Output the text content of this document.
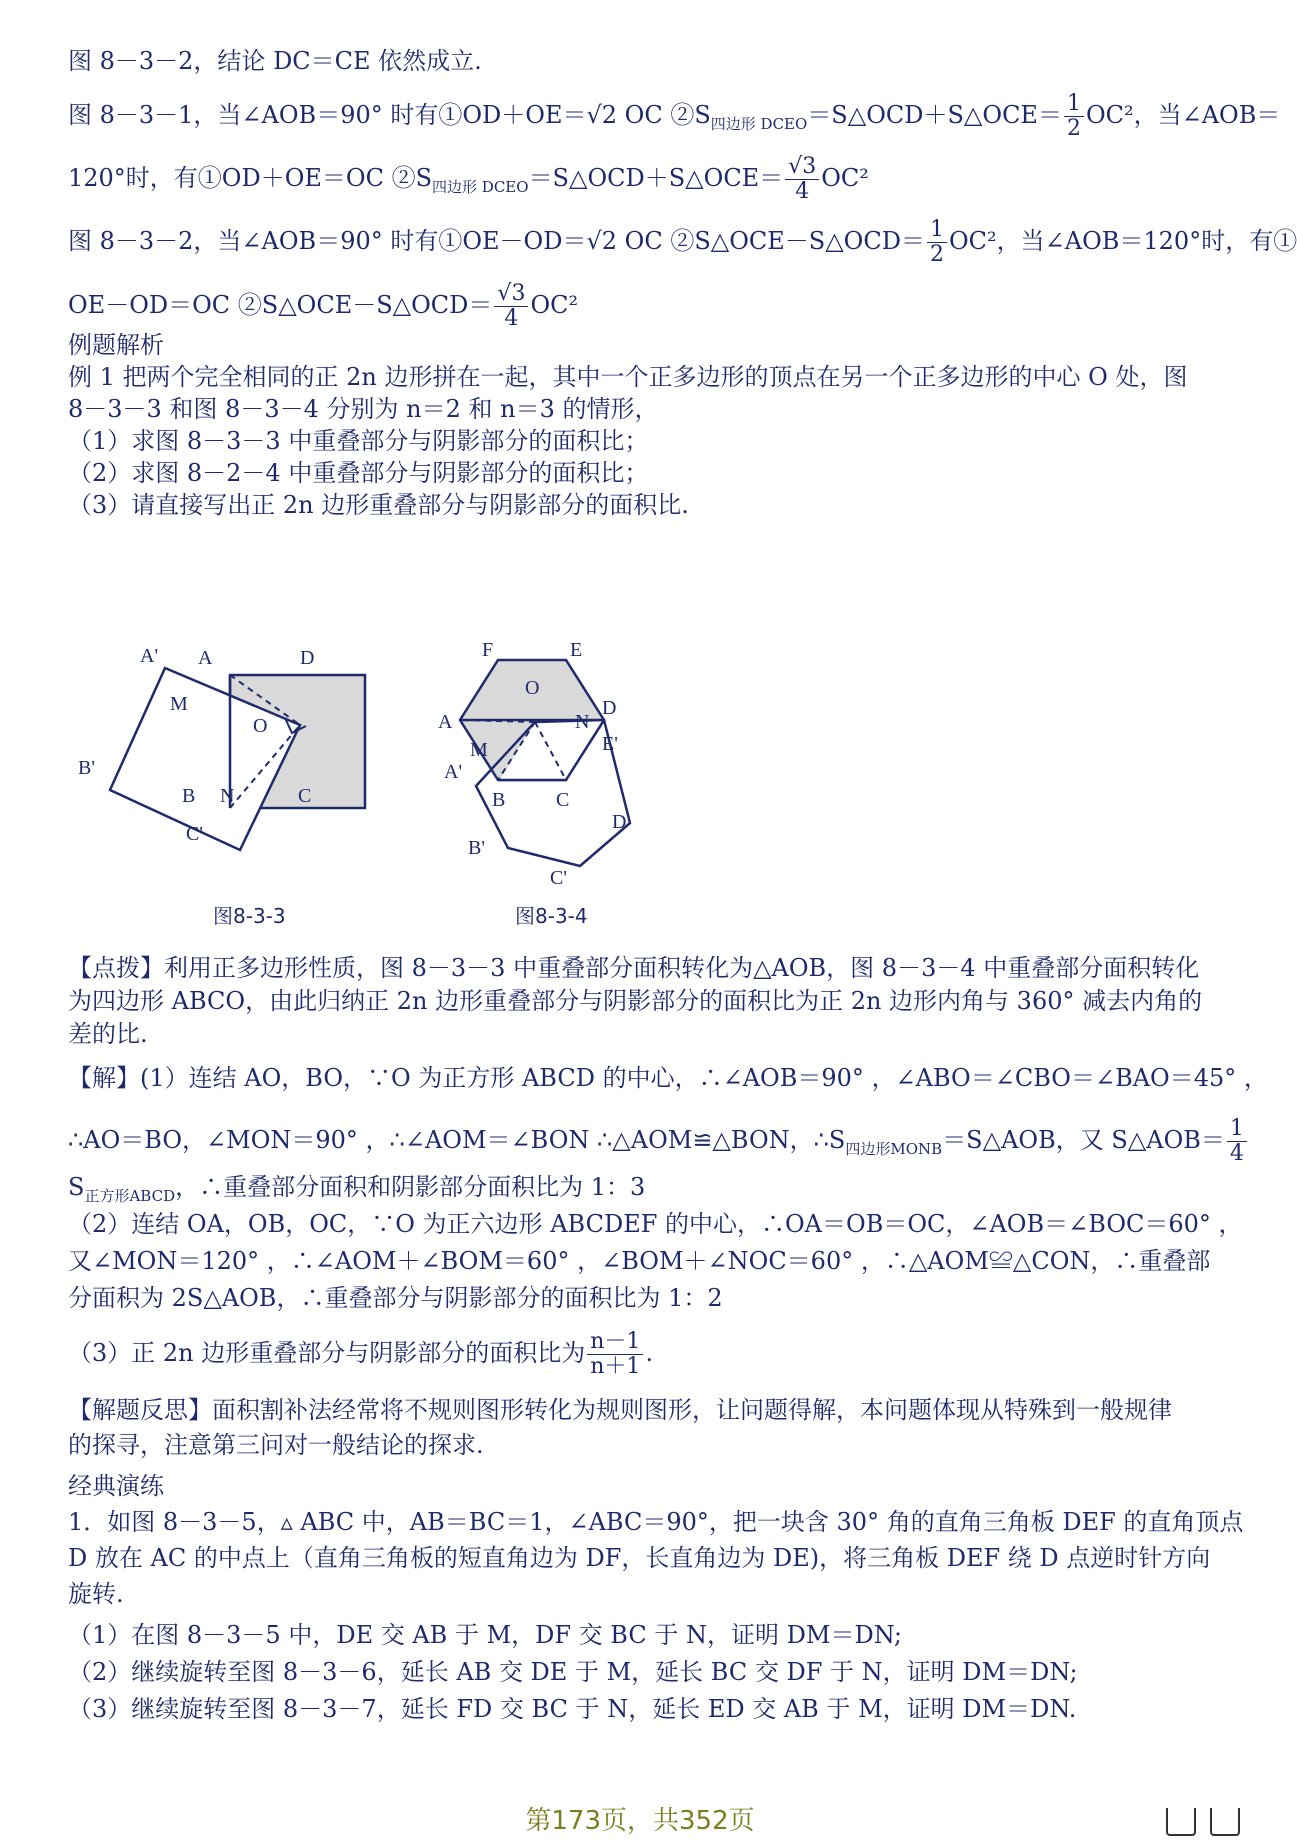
图 8－3－2，结论 DC＝CE 依然成立.
图 8－3－1，当∠AOB＝90° 时有①OD＋OE＝√2 OC $②S_{四边形 DCEO}=S\triangle OCD+S\triangle OCE= \frac{1}{2} OC^2$，当∠AOB＝
120°时，有①OD＋OE＝OC $②S_{四边形 DCEO}=S\triangle OCD+S\triangle OCE= \frac{√3}{4} OC^2$
图 8－3－2，当∠AOB＝90° 时有①OE－OD＝√2 OC ②S△OCE－S△OCD＝ $\frac{1}{2} OC^2$，当∠AOB＝120°时，有①
OE－OD＝OC ②S△OCE－S△OCD＝ $\frac{√3}{4} OC^2$
例题解析
例 1 把两个完全相同的正 2n 边形拼在一起，其中一个正多边形的顶点在另一个正多边形的中心 O 处，图
8－3－3 和图 8－3－4 分别为 n＝2 和 n＝3 的情形，
（1）求图 8－3－3 中重叠部分与阴影部分的面积比；
（2）求图 8－2－4 中重叠部分与阴影部分的面积比；
（3）请直接写出正 2n 边形重叠部分与阴影部分的面积比.
A' A	D
M
O
B'
B N	C
C'
图8-3-3
F	E
O
A	N
D
M	E'
A'
B	C
D'
B'
C'
图8-3-4
【点拨】利用正多边形性质，图 8－3－3 中重叠部分面积转化为△AOB，图 8－3－4 中重叠部分面积转化
为四边形 ABCO，由此归纳正 2n 边形重叠部分与阴影部分的面积比为正 2n 边形内角与 360° 减去内角的
差的比.
【解】(1）连结 AO，BO，∵O 为正方形 ABCD 的中心，∴∠AOB＝90° ，∠ABO＝∠CBO＝∠BAO＝45° ，
∴AO＝BO，∠MON＝90° ，∴∠AOM＝∠BON ∴△AOM≌△BON，$\therefore S_{四边形MONB}=S\triangle AOB$，又 S△AOB＝ $\frac{1}{4}$
$S_{正方形ABCD}$，∴重叠部分面积和阴影部分面积比为 1：3
（2）连结 OA，OB，OC，∵O 为正六边形 ABCDEF 的中心，∴OA＝OB＝OC，∠AOB＝∠BOC＝60° ，
又∠MON＝120° ，∴∠AOM＋∠BOM＝60° ，∠BOM＋∠NOC＝60° ，∴△AOM≌△CON，∴重叠部
分面积为 2S△AOB，∴重叠部分与阴影部分的面积比为 1：2
（3）正 2n 边形重叠部分与阴影部分的面积比为 $\frac{n-1}{n+1}$ .
【解题反思】面积割补法经常将不规则图形转化为规则图形，让问题得解，本问题体现从特殊到一般规律
的探寻，注意第三问对一般结论的探求.
经典演练
1．如图 8－3－5，▵ ABC 中，AB＝BC＝1，∠ABC＝90°，把一块含 30° 角的直角三角板 DEF 的直角顶点
D 放在 AC 的中点上（直角三角板的短直角边为 DF，长直角边为 DE)，将三角板 DEF 绕 D 点逆时针方向
旋转.
（1）在图 8－3－5 中，DE 交 AB 于 M，DF 交 BC 于 N，证明 DM＝DN;
（2）继续旋转至图 8－3－6，延长 AB 交 DE 于 M，延长 BC 交 DF 于 N，证明 DM＝DN;
（3）继续旋转至图 8－3－7，延长 FD 交 BC 于 N，延长 ED 交 AB 于 M，证明 DM＝DN.
第173页，共352页
